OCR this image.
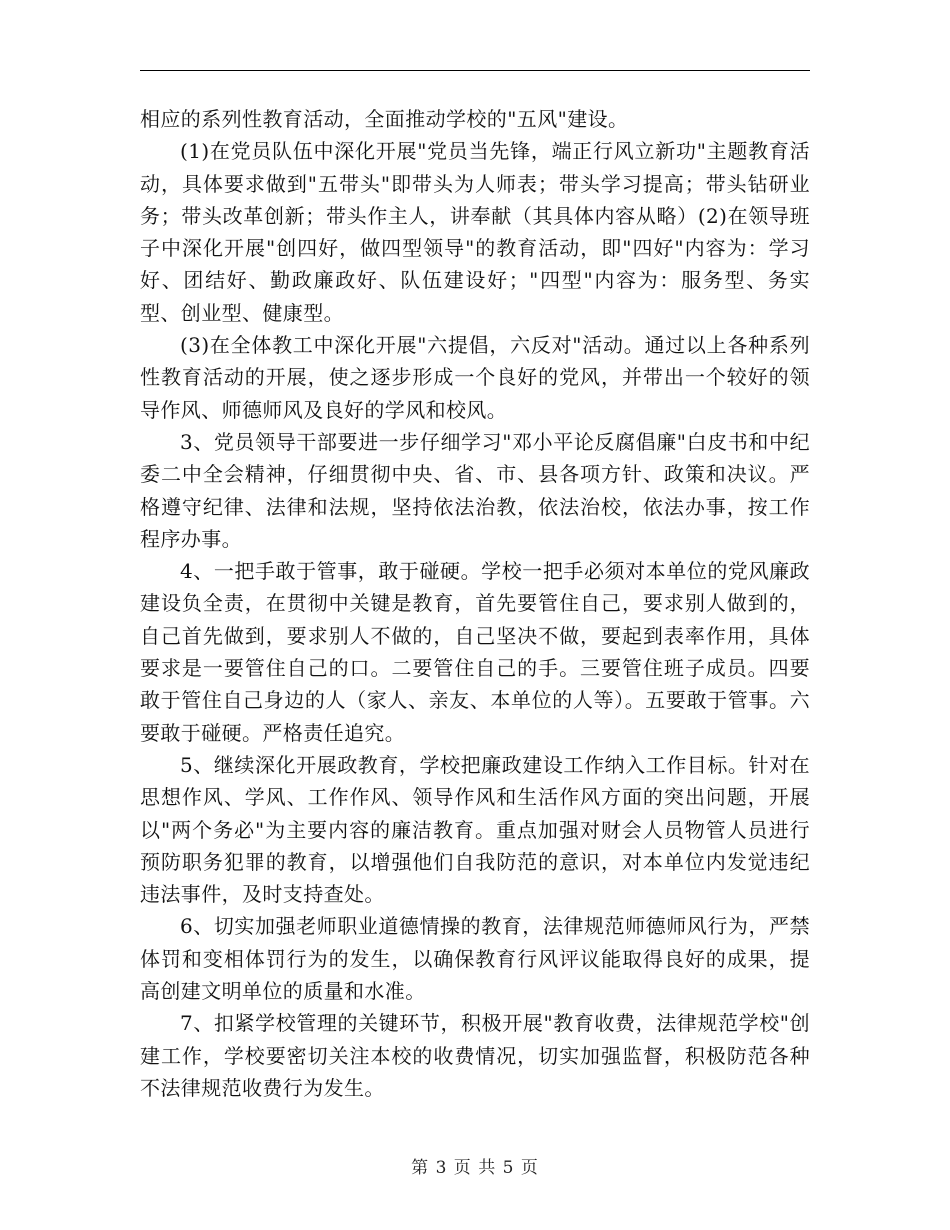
相应的系列性教育活动，全面推动学校的"五风"建设。

(1)在党员队伍中深化开展"党员当先锋，端正行风立新功"主题教育活动，具体要求做到"五带头"即带头为人师表；带头学习提高；带头钻研业务；带头改革创新；带头作主人，讲奉献（其具体内容从略）(2)在领导班子中深化开展"创四好，做四型领导"的教育活动，即"四好"内容为：学习好、团结好、勤政廉政好、队伍建设好；"四型"内容为：服务型、务实型、创业型、健康型。

(3)在全体教工中深化开展"六提倡，六反对"活动。通过以上各种系列性教育活动的开展，使之逐步形成一个良好的党风，并带出一个较好的领导作风、师德师风及良好的学风和校风。

3、党员领导干部要进一步仔细学习"邓小平论反腐倡廉"白皮书和中纪委二中全会精神，仔细贯彻中央、省、市、县各项方针、政策和决议。严格遵守纪律、法律和法规，坚持依法治教，依法治校，依法办事，按工作程序办事。

4、一把手敢于管事，敢于碰硬。学校一把手必须对本单位的党风廉政建设负全责，在贯彻中关键是教育，首先要管住自己，要求别人做到的，自己首先做到，要求别人不做的，自己坚决不做，要起到表率作用，具体要求是一要管住自己的口。二要管住自己的手。三要管住班子成员。四要敢于管住自己身边的人（家人、亲友、本单位的人等）。五要敢于管事。六要敢于碰硬。严格责任追究。

5、继续深化开展政教育，学校把廉政建设工作纳入工作目标。针对在思想作风、学风、工作作风、领导作风和生活作风方面的突出问题，开展以"两个务必"为主要内容的廉洁教育。重点加强对财会人员物管人员进行预防职务犯罪的教育，以增强他们自我防范的意识，对本单位内发觉违纪违法事件，及时支持查处。

6、切实加强老师职业道德情操的教育，法律规范师德师风行为，严禁体罚和变相体罚行为的发生，以确保教育行风评议能取得良好的成果，提高创建文明单位的质量和水准。

7、扣紧学校管理的关键环节，积极开展"教育收费，法律规范学校"创建工作，学校要密切关注本校的收费情况，切实加强监督，积极防范各种不法律规范收费行为发生。

第 3 页 共 5 页
